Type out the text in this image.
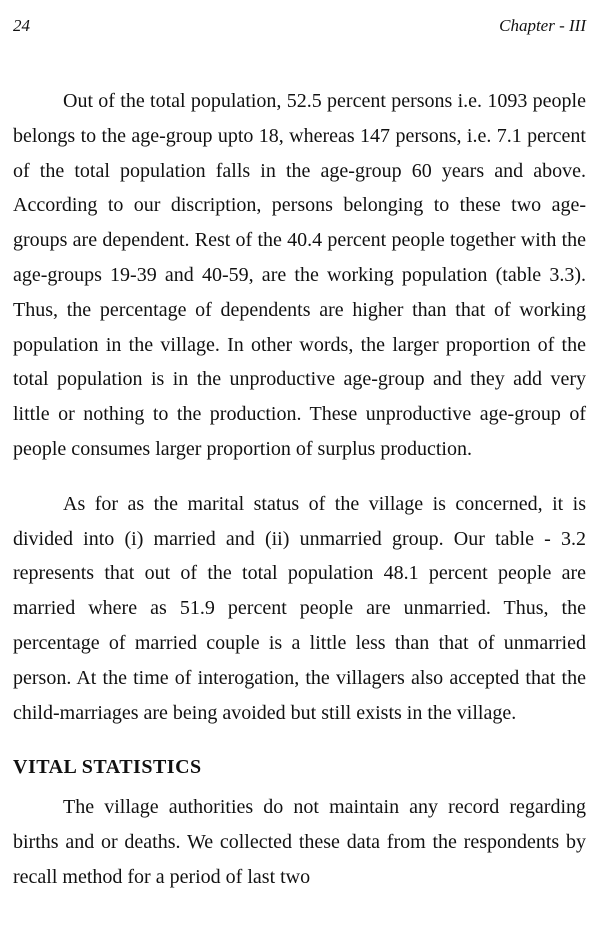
24	Chapter - III

Out of the total population, 52.5 percent persons i.e. 1093 people belongs to the age-group upto 18, whereas 147 persons, i.e. 7.1 percent of the total population falls in the age-group 60 years and above. According to our discription, persons belonging to these two age-groups are dependent. Rest of the 40.4 percent people together with the age-groups 19-39 and 40-59, are the working population (table 3.3). Thus, the percentage of dependents are higher than that of working population in the village. In other words, the larger proportion of the total population is in the unproductive age-group and they add very little or nothing to the production. These unproductive age-group of people consumes larger proportion of surplus production.

As for as the marital status of the village is concerned, it is divided into (i) married and (ii) unmarried group. Our table - 3.2 represents that out of the total population 48.1 percent people are married where as 51.9 percent people are unmarried. Thus, the percentage of married couple is a little less than that of unmarried person. At the time of interogation, the villagers also accepted that the child-marriages are being avoided but still exists in the village.

VITAL STATISTICS

The village authorities do not maintain any record regarding births and or deaths. We collected these data from the respondents by recall method for a period of last two
